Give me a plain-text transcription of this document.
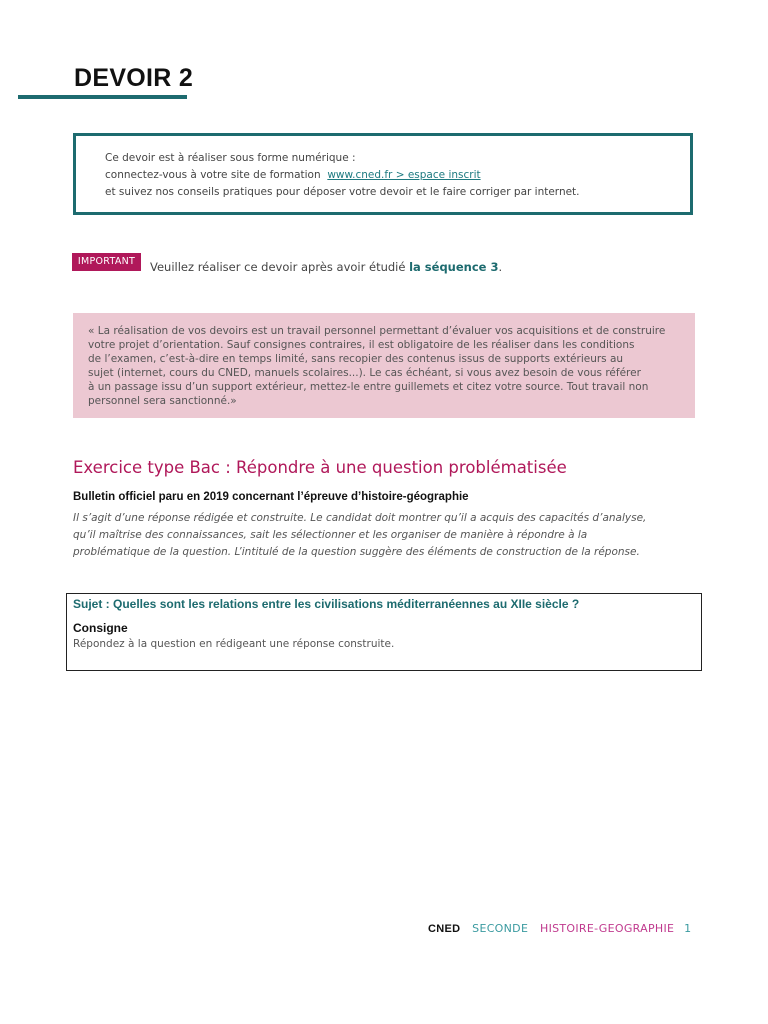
DEVOIR 2
Ce devoir est à réaliser sous forme numérique :
connectez-vous à votre site de formation www.cned.fr > espace inscrit
et suivez nos conseils pratiques pour déposer votre devoir et le faire corriger par internet.
IMPORTANT	Veuillez réaliser ce devoir après avoir étudié la séquence 3.
« La réalisation de vos devoirs est un travail personnel permettant d’évaluer vos acquisitions et de construire
votre projet d’orientation. Sauf consignes contraires, il est obligatoire de les réaliser dans les conditions
de l’examen, c’est-à-dire en temps limité, sans recopier des contenus issus de supports extérieurs au
sujet (internet, cours du CNED, manuels scolaires...). Le cas échéant, si vous avez besoin de vous référer
à un passage issu d’un support extérieur, mettez-le entre guillemets et citez votre source. Tout travail non
personnel sera sanctionné.»
Exercice type Bac : Répondre à une question problématisée
Bulletin officiel paru en 2019 concernant l’épreuve d’histoire-géographie
Il s’agit d’une réponse rédigée et construite. Le candidat doit montrer qu’il a acquis des capacités d’analyse,
qu’il maîtrise des connaissances, sait les sélectionner et les organiser de manière à répondre à la
problématique de la question. L’intitulé de la question suggère des éléments de construction de la réponse.
Sujet : Quelles sont les relations entre les civilisations méditerranéennes au XIIe siècle ?
Consigne
Répondez à la question en rédigeant une réponse construite.
CNED SECONDE HISTOIRE-GEOGRAPHIE 1
